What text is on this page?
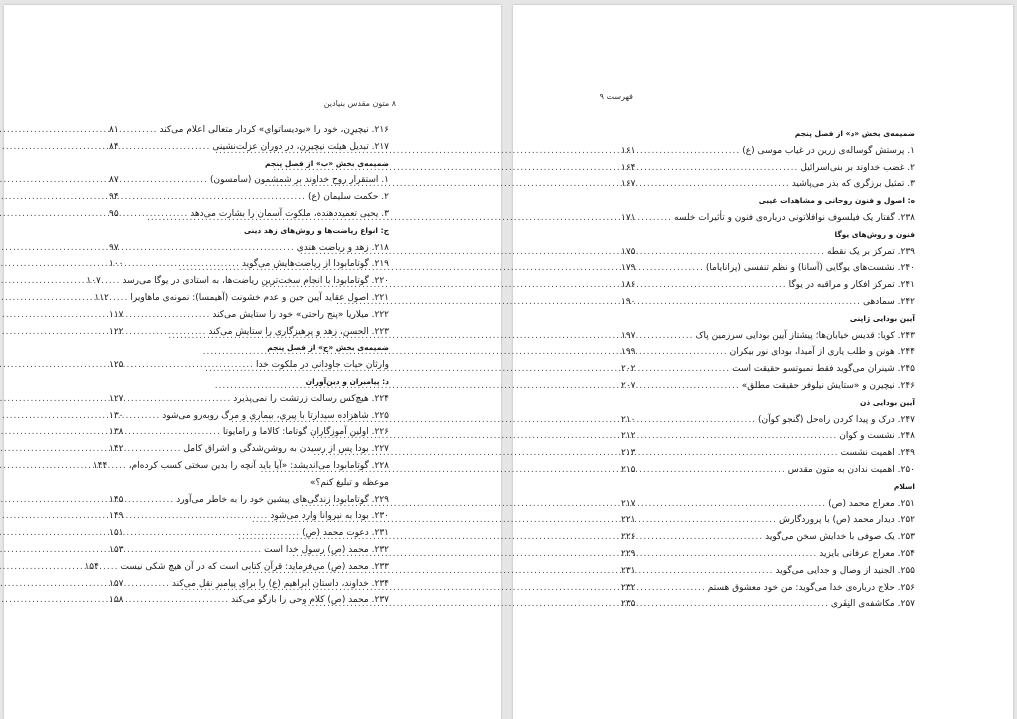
۸ متون مقدس بنیادین
۲۱۶. نیچیرِن، خود را «بودیساتواي» کردار متعالی اعلام می‌کند
.....
۸۱
۲۱۷. تبدیل هیئت نیچیرن، در دوران عزلت‌نشینی
.....
۸۴
ضمیمه‌ی بخش «ب» از فصل پنجم
۱. استقرار روح خداوند بر شمشمون (سامسون)
.....
۸۷
۲. حکمت سلیمان (ع)
.....
۹۴
۳. یحیی تعمیددهنده، ملکوت آسمان را بشارت می‌دهد
.....
۹۵
ج: انواع ریاضت‌ها و روش‌های زهد دینی
۲۱۸. زهد و ریاضت هندی
.....
۹۷
۲۱۹. گوتامابودا از ریاضت‌هایش می‌گوید
.....
۱۰۰
۲۲۰. گوتامابودا با انجام سخت‌ترین ریاضت‌ها، به استادی در یوگا می‌رسد
.....
۱۰۷
۲۲۱. اصول عقاید آیین جین و عدم خشونت (آهیمسا): نمونه‌ی ماهاویرا
.....
۱۱۲
۲۲۲. میلاریا «پنج راحتی» خود را ستایش می‌کند
.....
۱۱۷
۲۲۳. الحسن، زهد و پرهیزگاری را ستایش می‌کند
.....
۱۲۲
ضمیمه‌ی بخش «ج» از فصل پنجم
وارثان حیات جاودانی در ملکوت خدا
.....
۱۲۵
د: پیامبران و دین‌آوران
۲۲۴. هیچ‌کس رسالت زرتشت را نمی‌پذیرد
.....
۱۲۷
۲۲۵. شاهزاده سیدارتا با پیری، بیماری و مرگ روبه‌رو می‌شود
.....
۱۳۰
۲۲۶. اولین آموزگاران گوتاما: کالاما و رامایوتا
.....
۱۳۸
۲۲۷. بودا پس از رسیدن به روشن‌شدگی و اشراق کامل
.....
۱۴۲
۲۲۸. گوتامابودا می‌اندیشد: «آیا باید آنچه را بدین سختی کسب کرده‌ام،
.....
۱۴۴
موعظه و تبلیغ کنم؟»
۲۲۹. گوتامابودا زندگی‌های پیشین خود را به خاطر می‌آورد
.....
۱۴۵
۲۳۰. بودا به نیروانا وارد می‌شود
.....
۱۴۹
۲۳۱. دعوت محمد (ص)
.....
۱۵۱
۲۳۲. محمد (ص) رسول خدا است
.....
۱۵۳
۲۳۳. محمد (ص) می‌فرماید: قرآن کتابی است که در آن هیچ شکی نیست
.....
۱۵۴
۲۳۴. خداوند، داستان ابراهیم (ع) را برای پیامبر نقل می‌کند
.....
۱۵۷
۲۳۷. محمد (ص) کلام وحی را بازگو می‌کند
.....
۱۵۸
فهرست ۹
ضمیمه‌ی بخش «د» از فصل پنجم
۱. پرستش گوساله‌ی زرین در غیاب موسی (ع)
.....
۱۶۱
۲. غضب خداوند بر بنی‌اسرائیل
.....
۱۶۴
۳. تمثیل برزگری که بذر می‌پاشید
.....
۱۶۷
ه: اصول و فنون روحانی و مشاهدات غیبی
۲۳۸. گفتار یک فیلسوف نوافلاتونی درباره‌ی فنون و تأثیرات خلسه
.....
۱۷۱
فنون و روش‌های یوگا
۲۳۹. تمرکز بر یک نقطه
.....
۱۷۵
۲۴۰. نشست‌های یوگایی (آسانا) و نظم تنفسی (پرانایاما)
.....
۱۷۹
۲۴۱. تمرکز افکار و مراقبه در یوگا
.....
۱۸۶
۲۴۲. سمادهی
.....
۱۹۰
آیین بودایی ژاپنی
۲۴۳. کویا: قدیس خیابان‌ها؛ پیشتاز آیین بودایی سرزمین پاک
.....
۱۹۷
۲۴۴. هونن و طلب یاری از آمیدا، بودای نور بیکران
.....
۱۹۹
۲۴۵. شینران می‌گوید فقط نمبوتسو حقیقت است
.....
۲۰۲
۲۴۶. نیچیرن و «ستایش نیلوفر حقیقت مطلق»
.....
۲۰۷
آیین بودایی ذن
۲۴۷. درک و پیدا کردن راه‌حل (گنجو کوآن)
.....
۲۱۰
۲۴۸. نشست و کوان
.....
۲۱۲
۲۴۹. اهمیت نشست
.....
۲۱۳
۲۵۰. اهمیت ندادن به متون مقدس
.....
۲۱۵
اسلام
۲۵۱. معراج محمد (ص)
.....
۲۱۷
۲۵۲. دیدار محمد (ص) با پروردگارش
.....
۲۲۱
۲۵۳. یک صوفی با خدایش سخن می‌گوید
.....
۲۲۶
۲۵۴. معراج عرفانی بایزید
.....
۲۲۹
۲۵۵. الجنید از وصال و جدایی می‌گوید
.....
۲۳۱
۲۵۶. حلاج درباره‌ی خدا می‌گوید: من خود معشوق هستم
.....
۲۳۲
۲۵۷. مکاشفه‌ی النِفَری
.....
۲۳۵
